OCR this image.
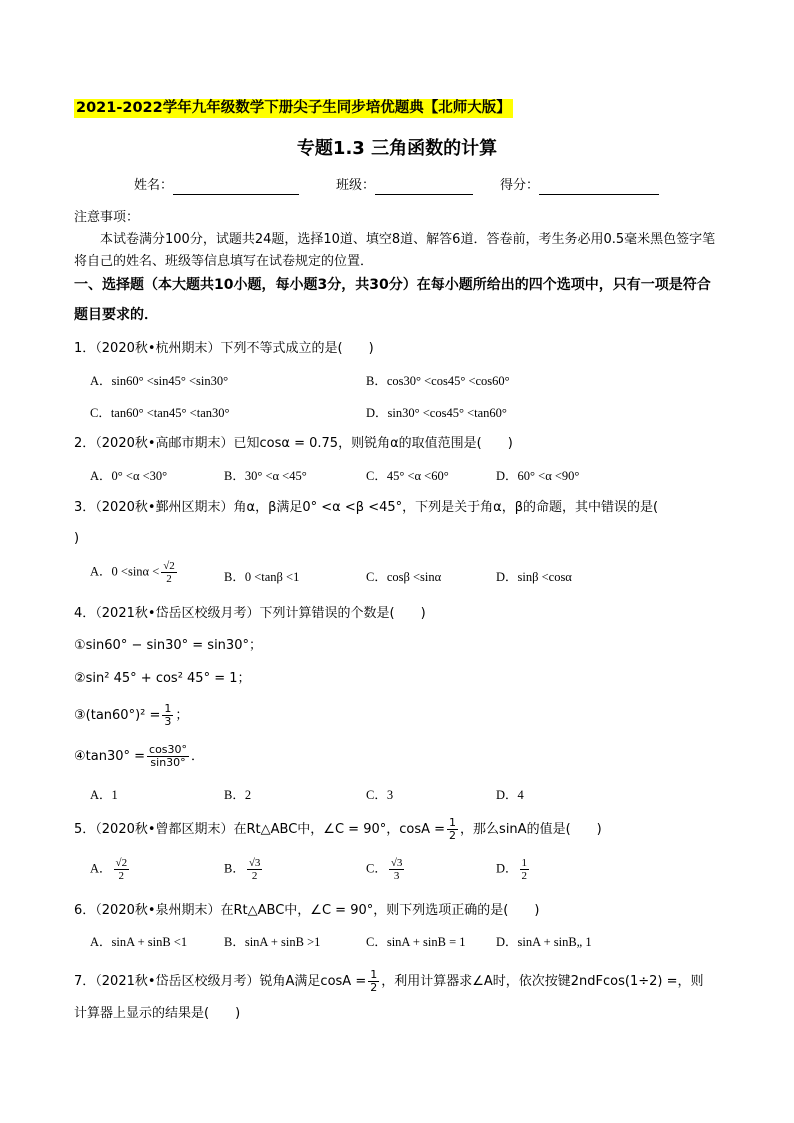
2021-2022学年九年级数学下册尖子生同步培优题典【北师大版】
专题1.3 三角函数的计算
姓名：	班级：	得分：
注意事项：
本试卷满分100分，试题共24题，选择10道、填空8道、解答6道．答卷前，考生务必用0.5毫米黑色签字笔将自己的姓名、班级等信息填写在试卷规定的位置．
一、选择题（本大题共10小题，每小题3分，共30分）在每小题所给出的四个选项中，只有一项是符合题目要求的．
1．（2020秋•杭州期末）下列不等式成立的是(　　)
A．sin60° <sin45° <sin30°	B．cos30° <cos45° <cos60°
C．tan60° <tan45° <tan30°	D．sin30° <cos45° <tan60°
2．（2020秋•高邮市期末）已知cosα = 0.75，则锐角α的取值范围是(　　)
A．0° <α <30°	B．30° <α <45°	C．45° <α <60°	D．60° <α <90°
3．（2020秋•鄞州区期末）角α，β满足0° <α <β <45°，下列是关于角α，β的命题，其中错误的是(
)
A．$0 <\sin\alpha < \frac{√2}{2}$	B．0 <tanβ <1	C．cosβ <sinα	D．sinβ <cosα
4．（2021秋•岱岳区校级月考）下列计算错误的个数是(　　)
①sin60° − sin30° = sin30°；
②sin² 45° + cos² 45° = 1；
③(tan60°)² = $\frac{1}{3}$ ；
④tan30° = $\frac{\cos 30^\circ}{\sin 30^\circ}$ ．
A．1	B．2	C．3	D．4
5．（2020秋•曾都区期末）在Rt△ABC中，∠C = 90°，$\cos A = \frac{1}{2}$ ，那么sinA的值是(　　)
A． $\frac{√2}{2}$	B． $\frac{√3}{2}$	C． $\frac{√3}{3}$	D． $\frac{1}{2}$
6．（2020秋•泉州期末）在Rt△ABC中，∠C = 90°，则下列选项正确的是(　　)
A．sinA + sinB <1	B．sinA + sinB >1	C．sinA + sinB = 1 D．sinA + sinB„ 1
7．（2021秋•岱岳区校级月考）锐角A满足$\cos A = \frac{1}{2}$ ，利用计算器求∠A时，依次按键2ndFcos(1÷2) =，则
计算器上显示的结果是(　　)
